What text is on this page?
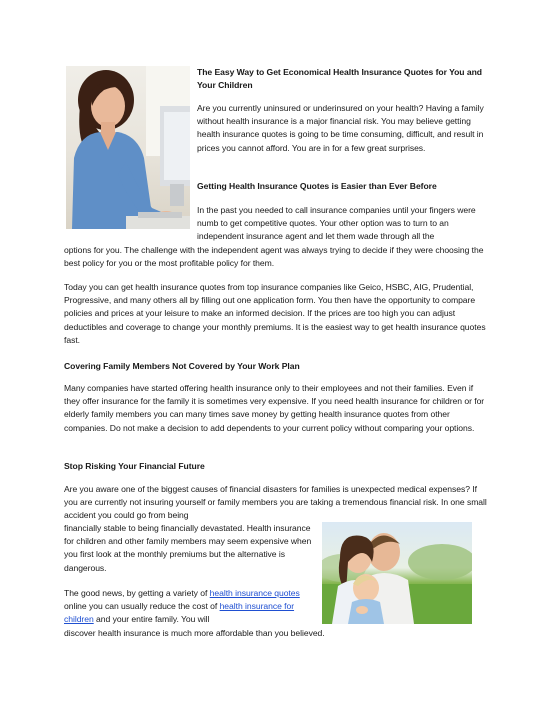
The Easy Way to Get Economical Health Insurance Quotes for You and
Your Children

Are you currently uninsured or underinsured on your health? Having a family without health insurance is a major financial risk. You may believe getting health insurance quotes is going to be time consuming, difficult, and result in prices you cannot afford. You are in for a few great surprises.

Getting Health Insurance Quotes is Easier than Ever Before

In the past you needed to call insurance companies until your fingers were numb to get competitive quotes. Your other option was to turn to an independent insurance agent and let them wade through all the

options for you. The challenge with the independent agent was always trying to decide if they were choosing the best policy for you or the most profitable policy for them.

Today you can get health insurance quotes from top insurance companies like Geico, HSBC, AIG, Prudential, Progressive, and many others all by filling out one application form. You then have the opportunity to compare policies and prices at your leisure to make an informed decision. If the prices are too high you can adjust deductibles and coverage to change your monthly premiums. It is the easiest way to get health insurance quotes fast.

Covering Family Members Not Covered by Your Work Plan

Many companies have started offering health insurance only to their employees and not their families. Even if they offer insurance for the family it is sometimes very expensive. If you need health insurance for children or for elderly family members you can many times save money by getting health insurance quotes from other companies. Do not make a decision to add dependents to your current policy without comparing your options.

Stop Risking Your Financial Future

Are you aware one of the biggest causes of financial disasters for families is unexpected medical expenses? If you are currently not insuring yourself or family members you are taking a tremendous financial risk. In one small accident you could go from being

financially stable to being financially devastated. Health insurance for children and other family members may seem expensive when you first look at the monthly premiums but the alternative is dangerous.

The good news, by getting a variety of health insurance quotes online you can usually reduce the cost of health insurance for children and your entire family. You will

discover health insurance is much more affordable than you believed.
